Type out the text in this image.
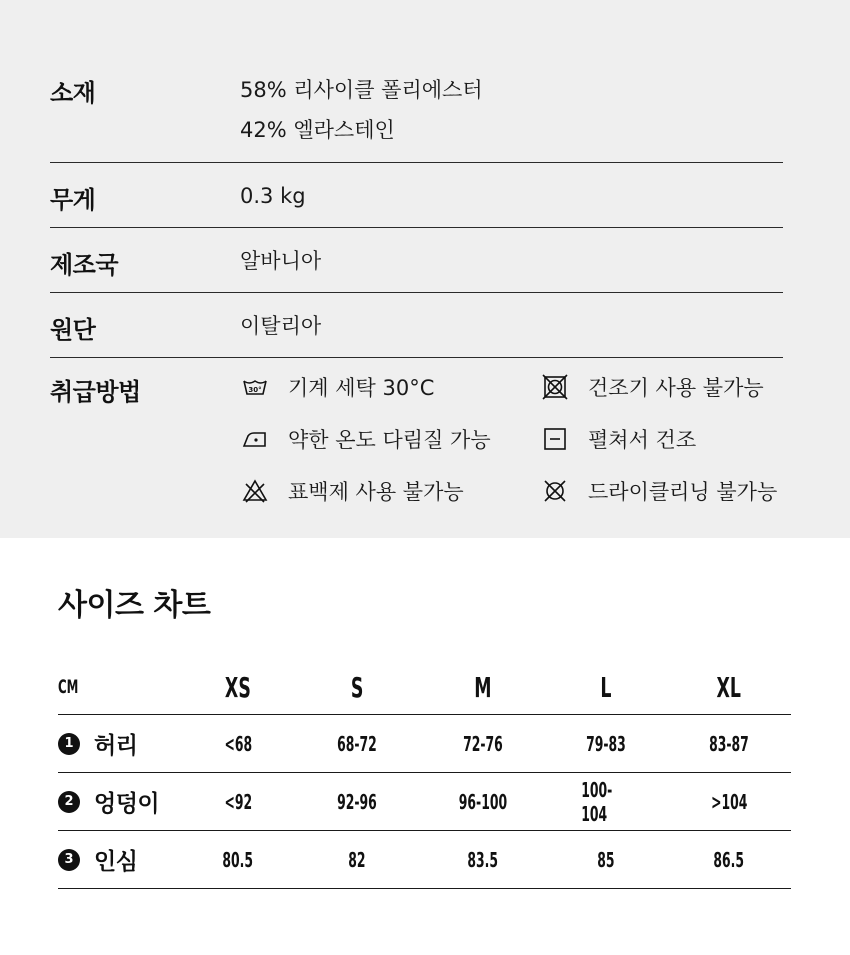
소재	58% 리사이클 폴리에스터
42% 엘라스테인
무게	0.3 kg
제조국	알바니아
원단	이탈리아
취급방법	30° 기계 세탁 30°C	건조기 사용 불가능
약한 온도 다림질 가능	펼쳐서 건조
표백제 사용 불가능	드라이클리닝 불가능
사이즈 차트
CM	XS	S	M	L	XL
1 허리	<68	68-72	72-76	79-83	83-87
2 엉덩이	<92	92-96	96-100	100-104	>104
3 인심	80.5	82	83.5	85	86.5
